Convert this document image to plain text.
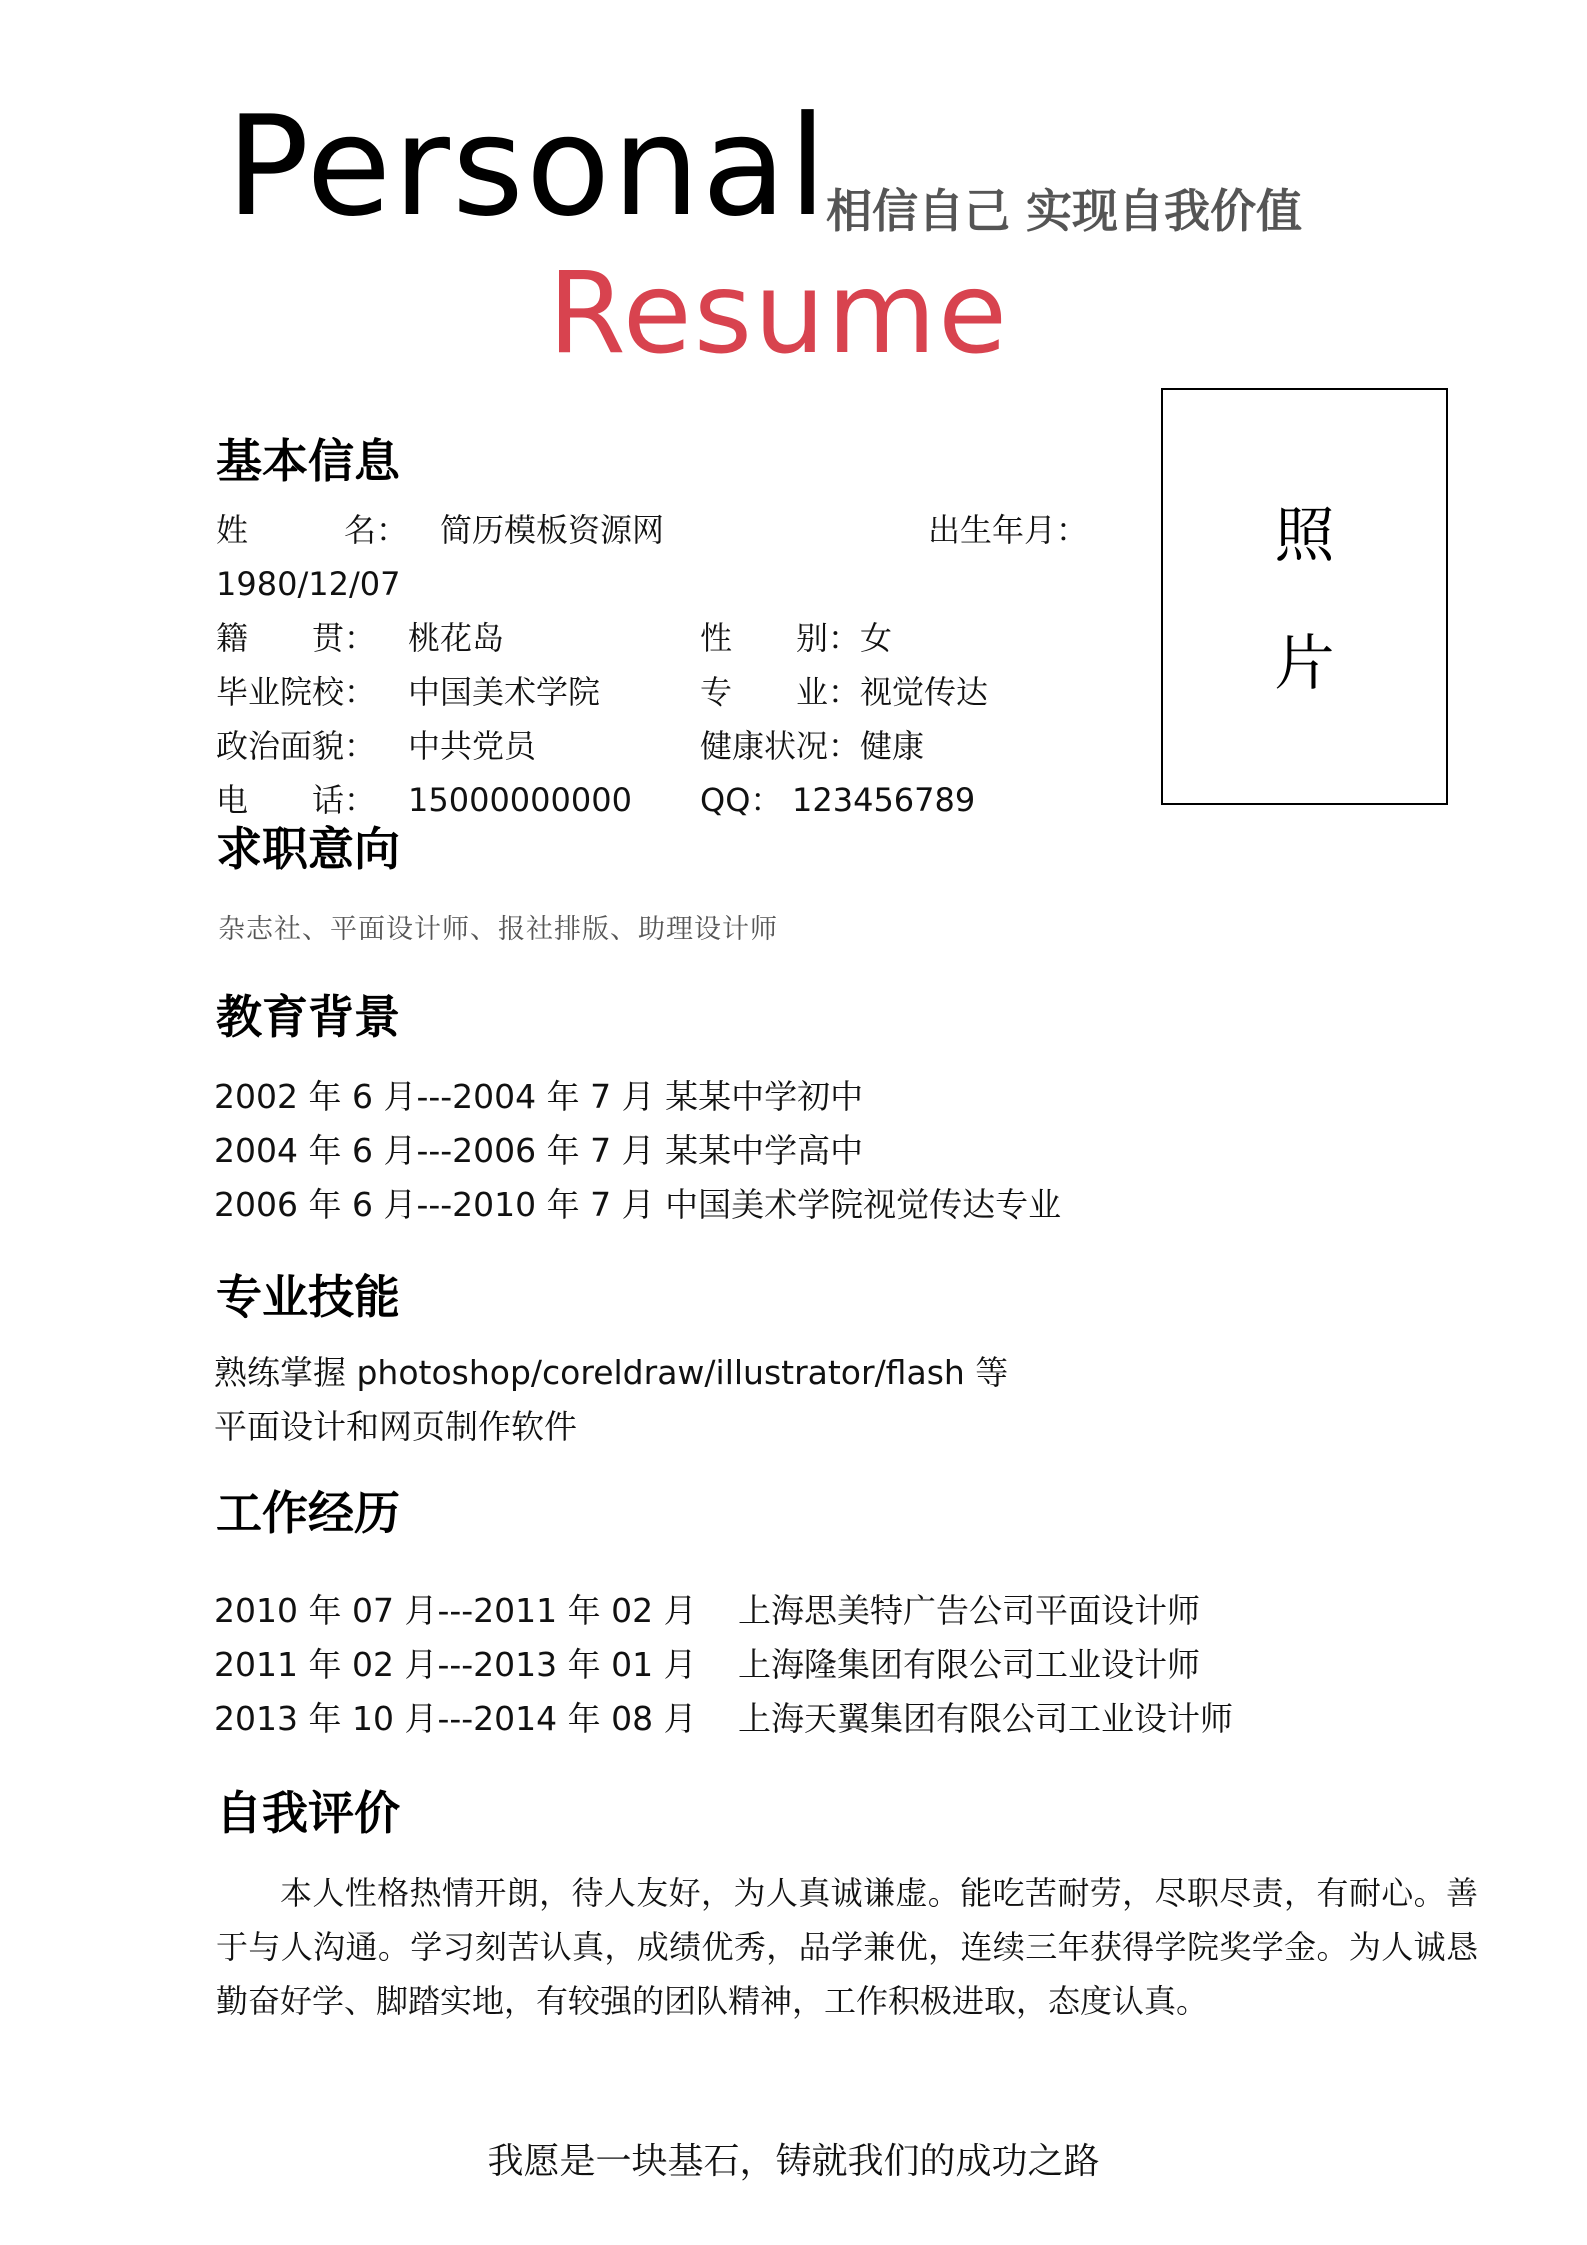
Personal
相信自己 实现自我价值
Resume
照
片
基本信息
姓　　　名： 简历模板资源网	出生年月：
1980/12/07
籍　　贯： 桃花岛	性　　别： 女
毕业院校： 中国美术学院	专　　业： 视觉传达
政治面貌： 中共党员	健康状况： 健康
电　　话： 15000000000 QQ： 123456789
求职意向
杂志社、平面设计师、报社排版、助理设计师
教育背景
2002 年 6 月---2004 年 7 月 某某中学初中
2004 年 6 月---2006 年 7 月 某某中学高中
2006 年 6 月---2010 年 7 月 中国美术学院视觉传达专业
专业技能
熟练掌握 photoshop/coreldraw/illustrator/flash 等
平面设计和网页制作软件
工作经历
2010 年 07 月---2011 年 02 月 上海思美特广告公司平面设计师
2011 年 02 月---2013 年 01 月 上海隆集团有限公司工业设计师
2013 年 10 月---2014 年 08 月 上海天翼集团有限公司工业设计师
自我评价
本人性格热情开朗，待人友好，为人真诚谦虚。能吃苦耐劳，尽职尽责，有耐心。善于与人沟通。学习刻苦认真，成绩优秀，品学兼优，连续三年获得学院奖学金。为人诚恳勤奋好学、脚踏实地，有较强的团队精神，工作积极进取，态度认真。
我愿是一块基石，铸就我们的成功之路
